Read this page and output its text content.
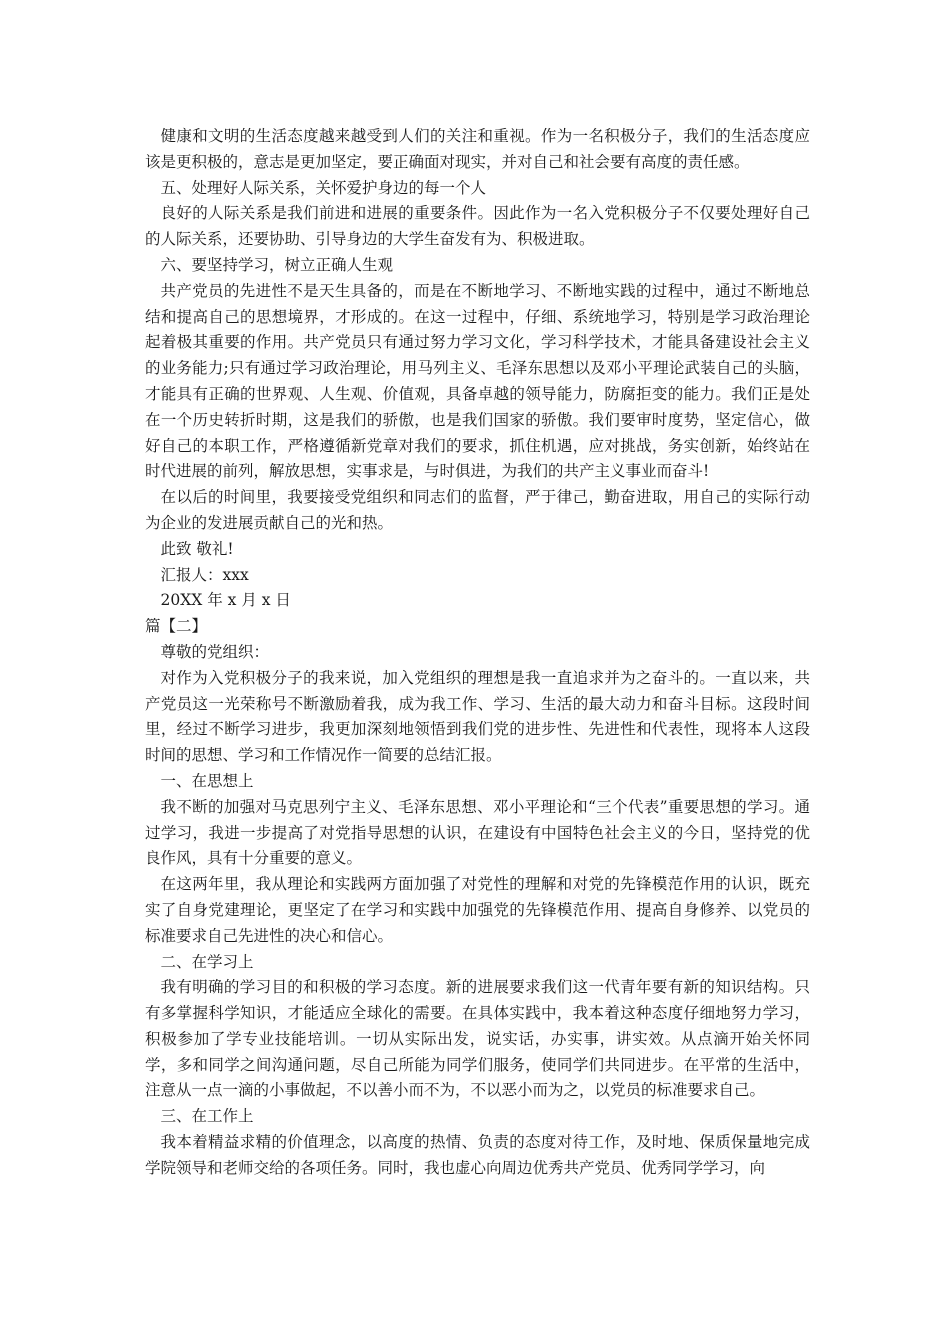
健康和文明的生活态度越来越受到人们的关注和重视。作为一名积极分子，我们的生活态度应该是更积极的，意志是更加坚定，要正确面对现实，并对自己和社会要有高度的责任感。

五、处理好人际关系，关怀爱护身边的每一个人

良好的人际关系是我们前进和进展的重要条件。因此作为一名入党积极分子不仅要处理好自己的人际关系，还要协助、引导身边的大学生奋发有为、积极进取。

六、要坚持学习，树立正确人生观

共产党员的先进性不是天生具备的，而是在不断地学习、不断地实践的过程中，通过不断地总结和提高自己的思想境界，才形成的。在这一过程中，仔细、系统地学习，特别是学习政治理论起着极其重要的作用。共产党员只有通过努力学习文化，学习科学技术，才能具备建设社会主义的业务能力;只有通过学习政治理论，用马列主义、毛泽东思想以及邓小平理论武装自己的头脑，才能具有正确的世界观、人生观、价值观，具备卓越的领导能力，防腐拒变的能力。我们正是处在一个历史转折时期，这是我们的骄傲，也是我们国家的骄傲。我们要审时度势，坚定信心，做好自己的本职工作，严格遵循新党章对我们的要求，抓住机遇，应对挑战，务实创新，始终站在时代进展的前列，解放思想，实事求是，与时俱进，为我们的共产主义事业而奋斗!

在以后的时间里，我要接受党组织和同志们的监督，严于律己，勤奋进取，用自己的实际行动为企业的发进展贡献自己的光和热。

此致 敬礼!

汇报人：xxx

20XX 年 x 月 x 日

篇【二】

尊敬的党组织：

对作为入党积极分子的我来说，加入党组织的理想是我一直追求并为之奋斗的。一直以来，共产党员这一光荣称号不断激励着我，成为我工作、学习、生活的最大动力和奋斗目标。这段时间里，经过不断学习进步，我更加深刻地领悟到我们党的进步性、先进性和代表性，现将本人这段时间的思想、学习和工作情况作一简要的总结汇报。

一、在思想上

我不断的加强对马克思列宁主义、毛泽东思想、邓小平理论和“三个代表”重要思想的学习。通过学习，我进一步提高了对党指导思想的认识，在建设有中国特色社会主义的今日，坚持党的优良作风，具有十分重要的意义。

在这两年里，我从理论和实践两方面加强了对党性的理解和对党的先锋模范作用的认识，既充实了自身党建理论，更坚定了在学习和实践中加强党的先锋模范作用、提高自身修养、以党员的标准要求自己先进性的决心和信心。

二、在学习上

我有明确的学习目的和积极的学习态度。新的进展要求我们这一代青年要有新的知识结构。只有多掌握科学知识，才能适应全球化的需要。在具体实践中，我本着这种态度仔细地努力学习，积极参加了学专业技能培训。一切从实际出发，说实话，办实事，讲实效。从点滴开始关怀同学，多和同学之间沟通问题，尽自己所能为同学们服务，使同学们共同进步。在平常的生活中，注意从一点一滴的小事做起，不以善小而不为，不以恶小而为之，以党员的标准要求自己。

三、在工作上

我本着精益求精的价值理念，以高度的热情、负责的态度对待工作，及时地、保质保量地完成学院领导和老师交给的各项任务。同时，我也虚心向周边优秀共产党员、优秀同学学习，向
